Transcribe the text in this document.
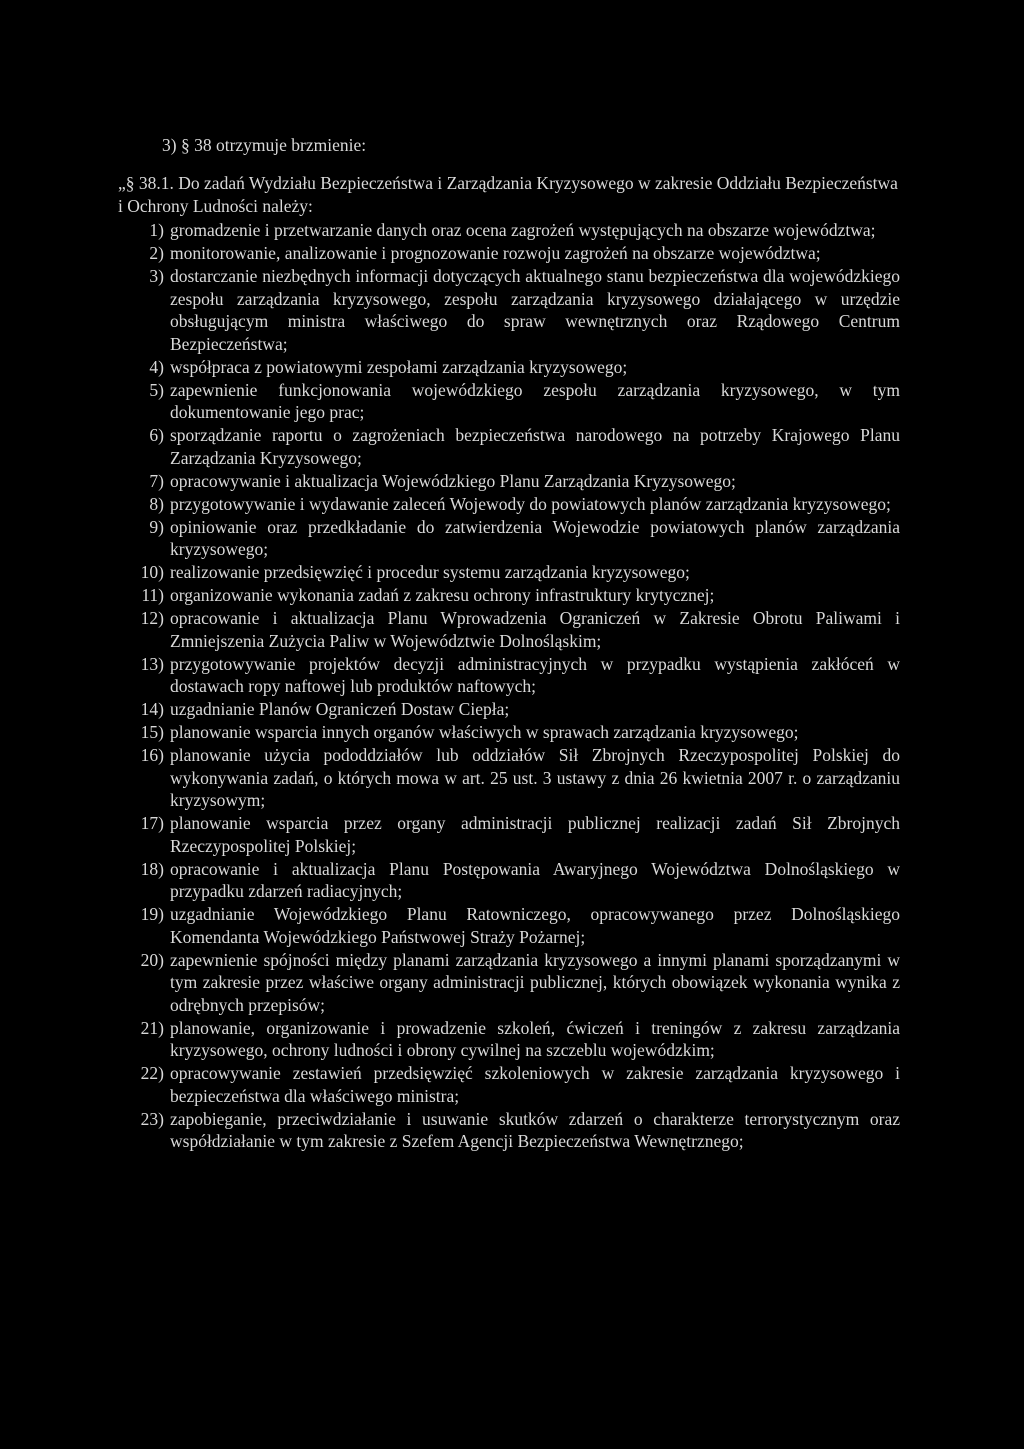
3) § 38 otrzymuje brzmienie:
„§ 38.1. Do zadań Wydziału Bezpieczeństwa i Zarządzania Kryzysowego w zakresie Oddziału Bezpieczeństwa i Ochrony Ludności należy:
1) gromadzenie i przetwarzanie danych oraz ocena zagrożeń występujących na obszarze województwa;
2) monitorowanie, analizowanie i prognozowanie rozwoju zagrożeń na obszarze województwa;
3) dostarczanie niezbędnych informacji dotyczących aktualnego stanu bezpieczeństwa dla wojewódzkiego zespołu zarządzania kryzysowego, zespołu zarządzania kryzysowego działającego w urzędzie obsługującym ministra właściwego do spraw wewnętrznych oraz Rządowego Centrum Bezpieczeństwa;
4) współpraca z powiatowymi zespołami zarządzania kryzysowego;
5) zapewnienie funkcjonowania wojewódzkiego zespołu zarządzania kryzysowego, w tym dokumentowanie jego prac;
6) sporządzanie raportu o zagrożeniach bezpieczeństwa narodowego na potrzeby Krajowego Planu Zarządzania Kryzysowego;
7) opracowywanie i aktualizacja Wojewódzkiego Planu Zarządzania Kryzysowego;
8) przygotowywanie i wydawanie zaleceń Wojewody do powiatowych planów zarządzania kryzysowego;
9) opiniowanie oraz przedkładanie do zatwierdzenia Wojewodzie powiatowych planów zarządzania kryzysowego;
10) realizowanie przedsięwzięć i procedur systemu zarządzania kryzysowego;
11) organizowanie wykonania zadań z zakresu ochrony infrastruktury krytycznej;
12) opracowanie i aktualizacja Planu Wprowadzenia Ograniczeń w Zakresie Obrotu Paliwami i Zmniejszenia Zużycia Paliw w Województwie Dolnośląskim;
13) przygotowywanie projektów decyzji administracyjnych w przypadku wystąpienia zakłóceń w dostawach ropy naftowej lub produktów naftowych;
14) uzgadnianie Planów Ograniczeń Dostaw Ciepła;
15) planowanie wsparcia innych organów właściwych w sprawach zarządzania kryzysowego;
16) planowanie użycia pododdziałów lub oddziałów Sił Zbrojnych Rzeczypospolitej Polskiej do wykonywania zadań, o których mowa w art. 25 ust. 3 ustawy z dnia 26 kwietnia 2007 r. o zarządzaniu kryzysowym;
17) planowanie wsparcia przez organy administracji publicznej realizacji zadań Sił Zbrojnych Rzeczypospolitej Polskiej;
18) opracowanie i aktualizacja Planu Postępowania Awaryjnego Województwa Dolnośląskiego w przypadku zdarzeń radiacyjnych;
19) uzgadnianie Wojewódzkiego Planu Ratowniczego, opracowywanego przez Dolnośląskiego Komendanta Wojewódzkiego Państwowej Straży Pożarnej;
20) zapewnienie spójności między planami zarządzania kryzysowego a innymi planami sporządzanymi w tym zakresie przez właściwe organy administracji publicznej, których obowiązek wykonania wynika z odrębnych przepisów;
21) planowanie, organizowanie i prowadzenie szkoleń, ćwiczeń i treningów z zakresu zarządzania kryzysowego, ochrony ludności i obrony cywilnej na szczeblu wojewódzkim;
22) opracowywanie zestawień przedsięwzięć szkoleniowych w zakresie zarządzania kryzysowego i bezpieczeństwa dla właściwego ministra;
23) zapobieganie, przeciwdziałanie i usuwanie skutków zdarzeń o charakterze terrorystycznym oraz współdziałanie w tym zakresie z Szefem Agencji Bezpieczeństwa Wewnętrznego;
